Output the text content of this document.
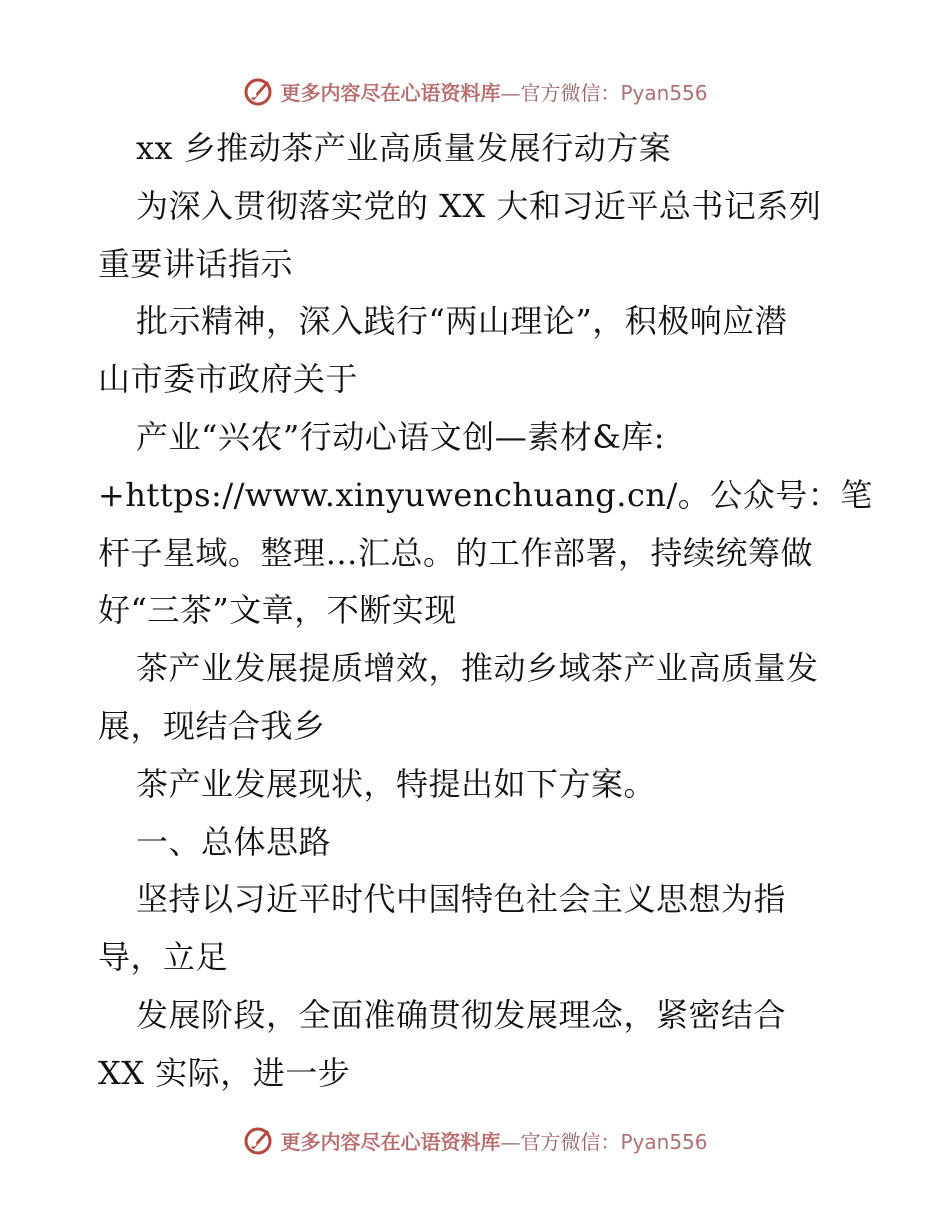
更多内容尽在心语资料库—官方微信：Pyan556
xx 乡推动茶产业高质量发展行动方案
为深入贯彻落实党的 XX 大和习近平总书记系列
重要讲话指示
批示精神，深入践行“两山理论”，积极响应潜
山市委市政府关于
产业“兴农”行动心语文创—素材&库:
+https://www.xinyuwenchuang.cn/。公众号：笔
杆子星域。整理…汇总。的工作部署，持续统筹做
好“三茶”文章，不断实现
茶产业发展提质增效，推动乡域茶产业高质量发
展，现结合我乡
茶产业发展现状，特提出如下方案。
一、总体思路
坚持以习近平时代中国特色社会主义思想为指
导，立足
发展阶段，全面准确贯彻发展理念，紧密结合
XX 实际，进一步
更多内容尽在心语资料库—官方微信：Pyan556
